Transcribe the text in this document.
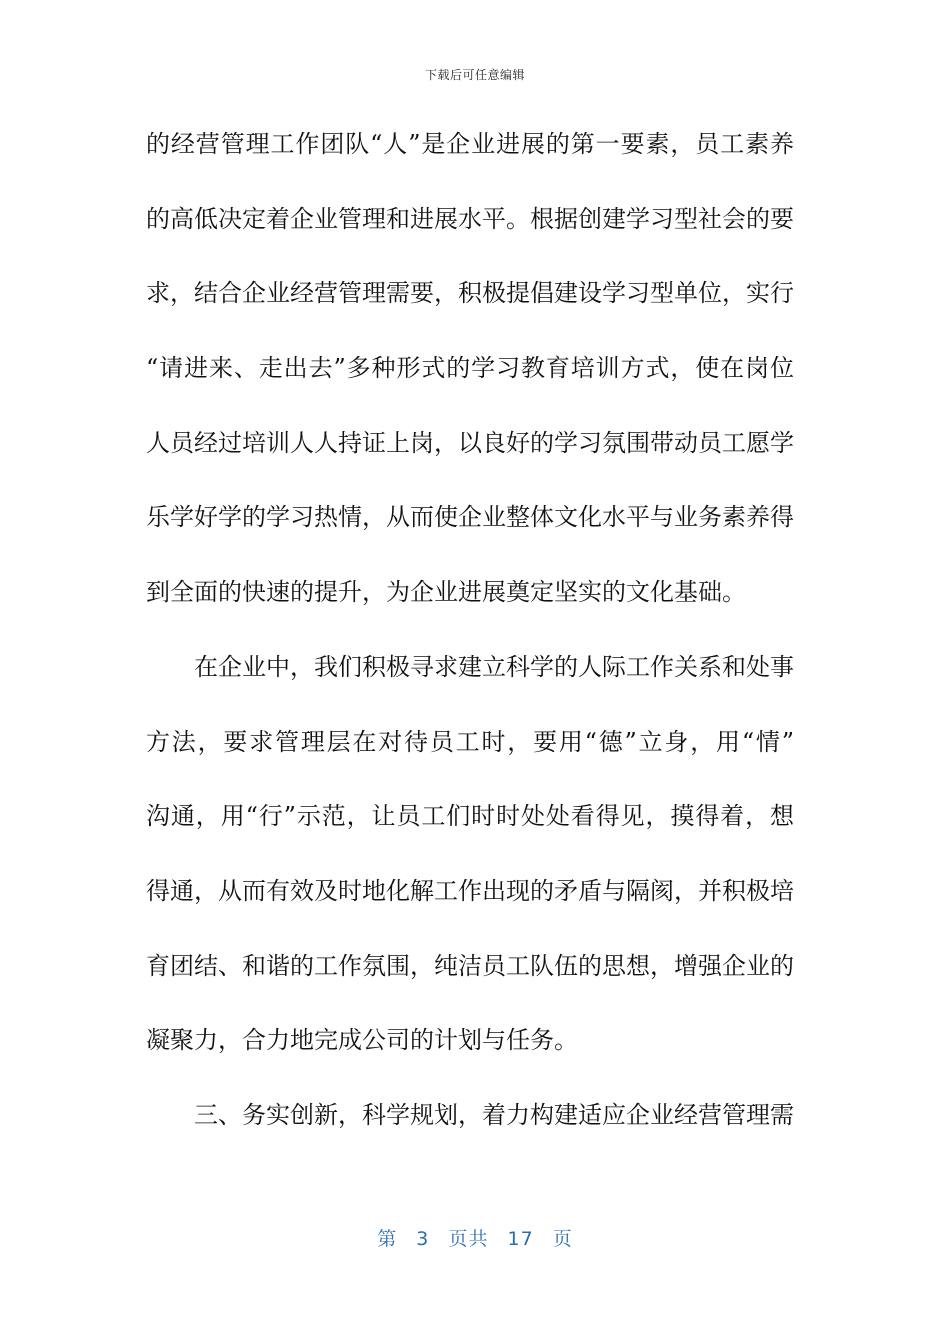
下载后可任意编辑
的经营管理工作团队“人”是企业进展的第一要素，员工素养
的高低决定着企业管理和进展水平。根据创建学习型社会的要
求，结合企业经营管理需要，积极提倡建设学习型单位，实行
“请进来、走出去”多种形式的学习教育培训方式，使在岗位
人员经过培训人人持证上岗，以良好的学习氛围带动员工愿学
乐学好学的学习热情，从而使企业整体文化水平与业务素养得
到全面的快速的提升，为企业进展奠定坚实的文化基础。
在企业中，我们积极寻求建立科学的人际工作关系和处事
方法，要求管理层在对待员工时，要用“德”立身，用“情”
沟通，用“行”示范，让员工们时时处处看得见，摸得着，想
得通，从而有效及时地化解工作出现的矛盾与隔阂，并积极培
育团结、和谐的工作氛围，纯洁员工队伍的思想，增强企业的
凝聚力，合力地完成公司的计划与任务。
三、务实创新，科学规划，着力构建适应企业经营管理需
第 3 页共 17 页
